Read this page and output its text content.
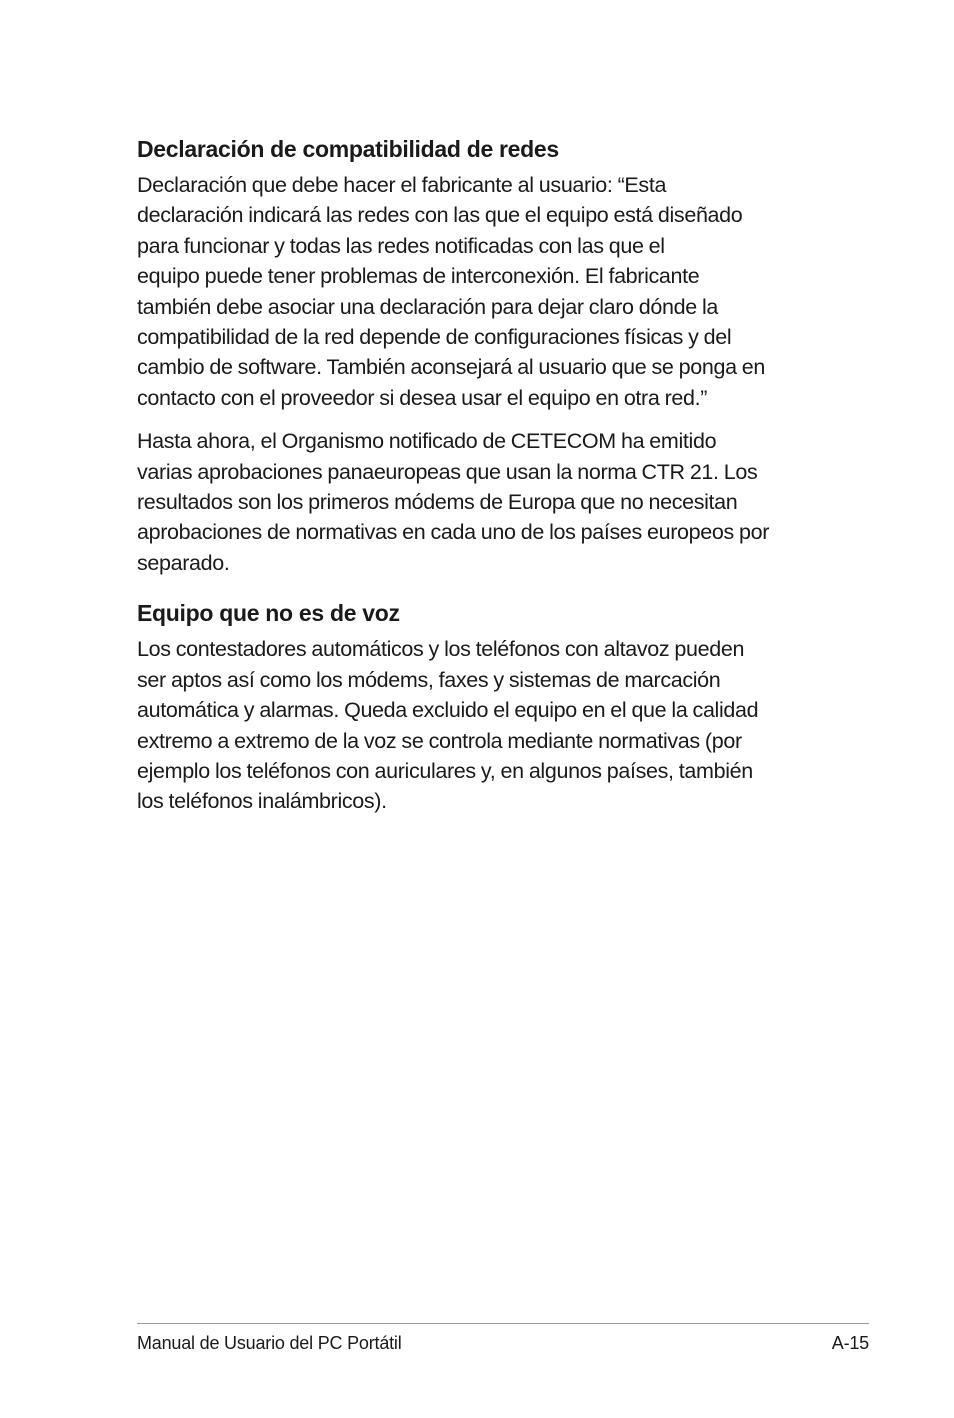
Declaración de compatibilidad de redes

Declaración que debe hacer el fabricante al usuario: “Esta
declaración indicará las redes con las que el equipo está diseñado
para funcionar y todas las redes notificadas con las que el
equipo puede tener problemas de interconexión. El fabricante
también debe asociar una declaración para dejar claro dónde la
compatibilidad de la red depende de configuraciones físicas y del
cambio de software. También aconsejará al usuario que se ponga en
contacto con el proveedor si desea usar el equipo en otra red.”

Hasta ahora, el Organismo notificado de CETECOM ha emitido
varias aprobaciones panaeuropeas que usan la norma CTR 21. Los
resultados son los primeros módems de Europa que no necesitan
aprobaciones de normativas en cada uno de los países europeos por
separado.

Equipo que no es de voz

Los contestadores automáticos y los teléfonos con altavoz pueden
ser aptos así como los módems, faxes y sistemas de marcación
automática y alarmas. Queda excluido el equipo en el que la calidad
extremo a extremo de la voz se controla mediante normativas (por
ejemplo los teléfonos con auriculares y, en algunos países, también
los teléfonos inalámbricos).

Manual de Usuario del PC Portátil	A-15
